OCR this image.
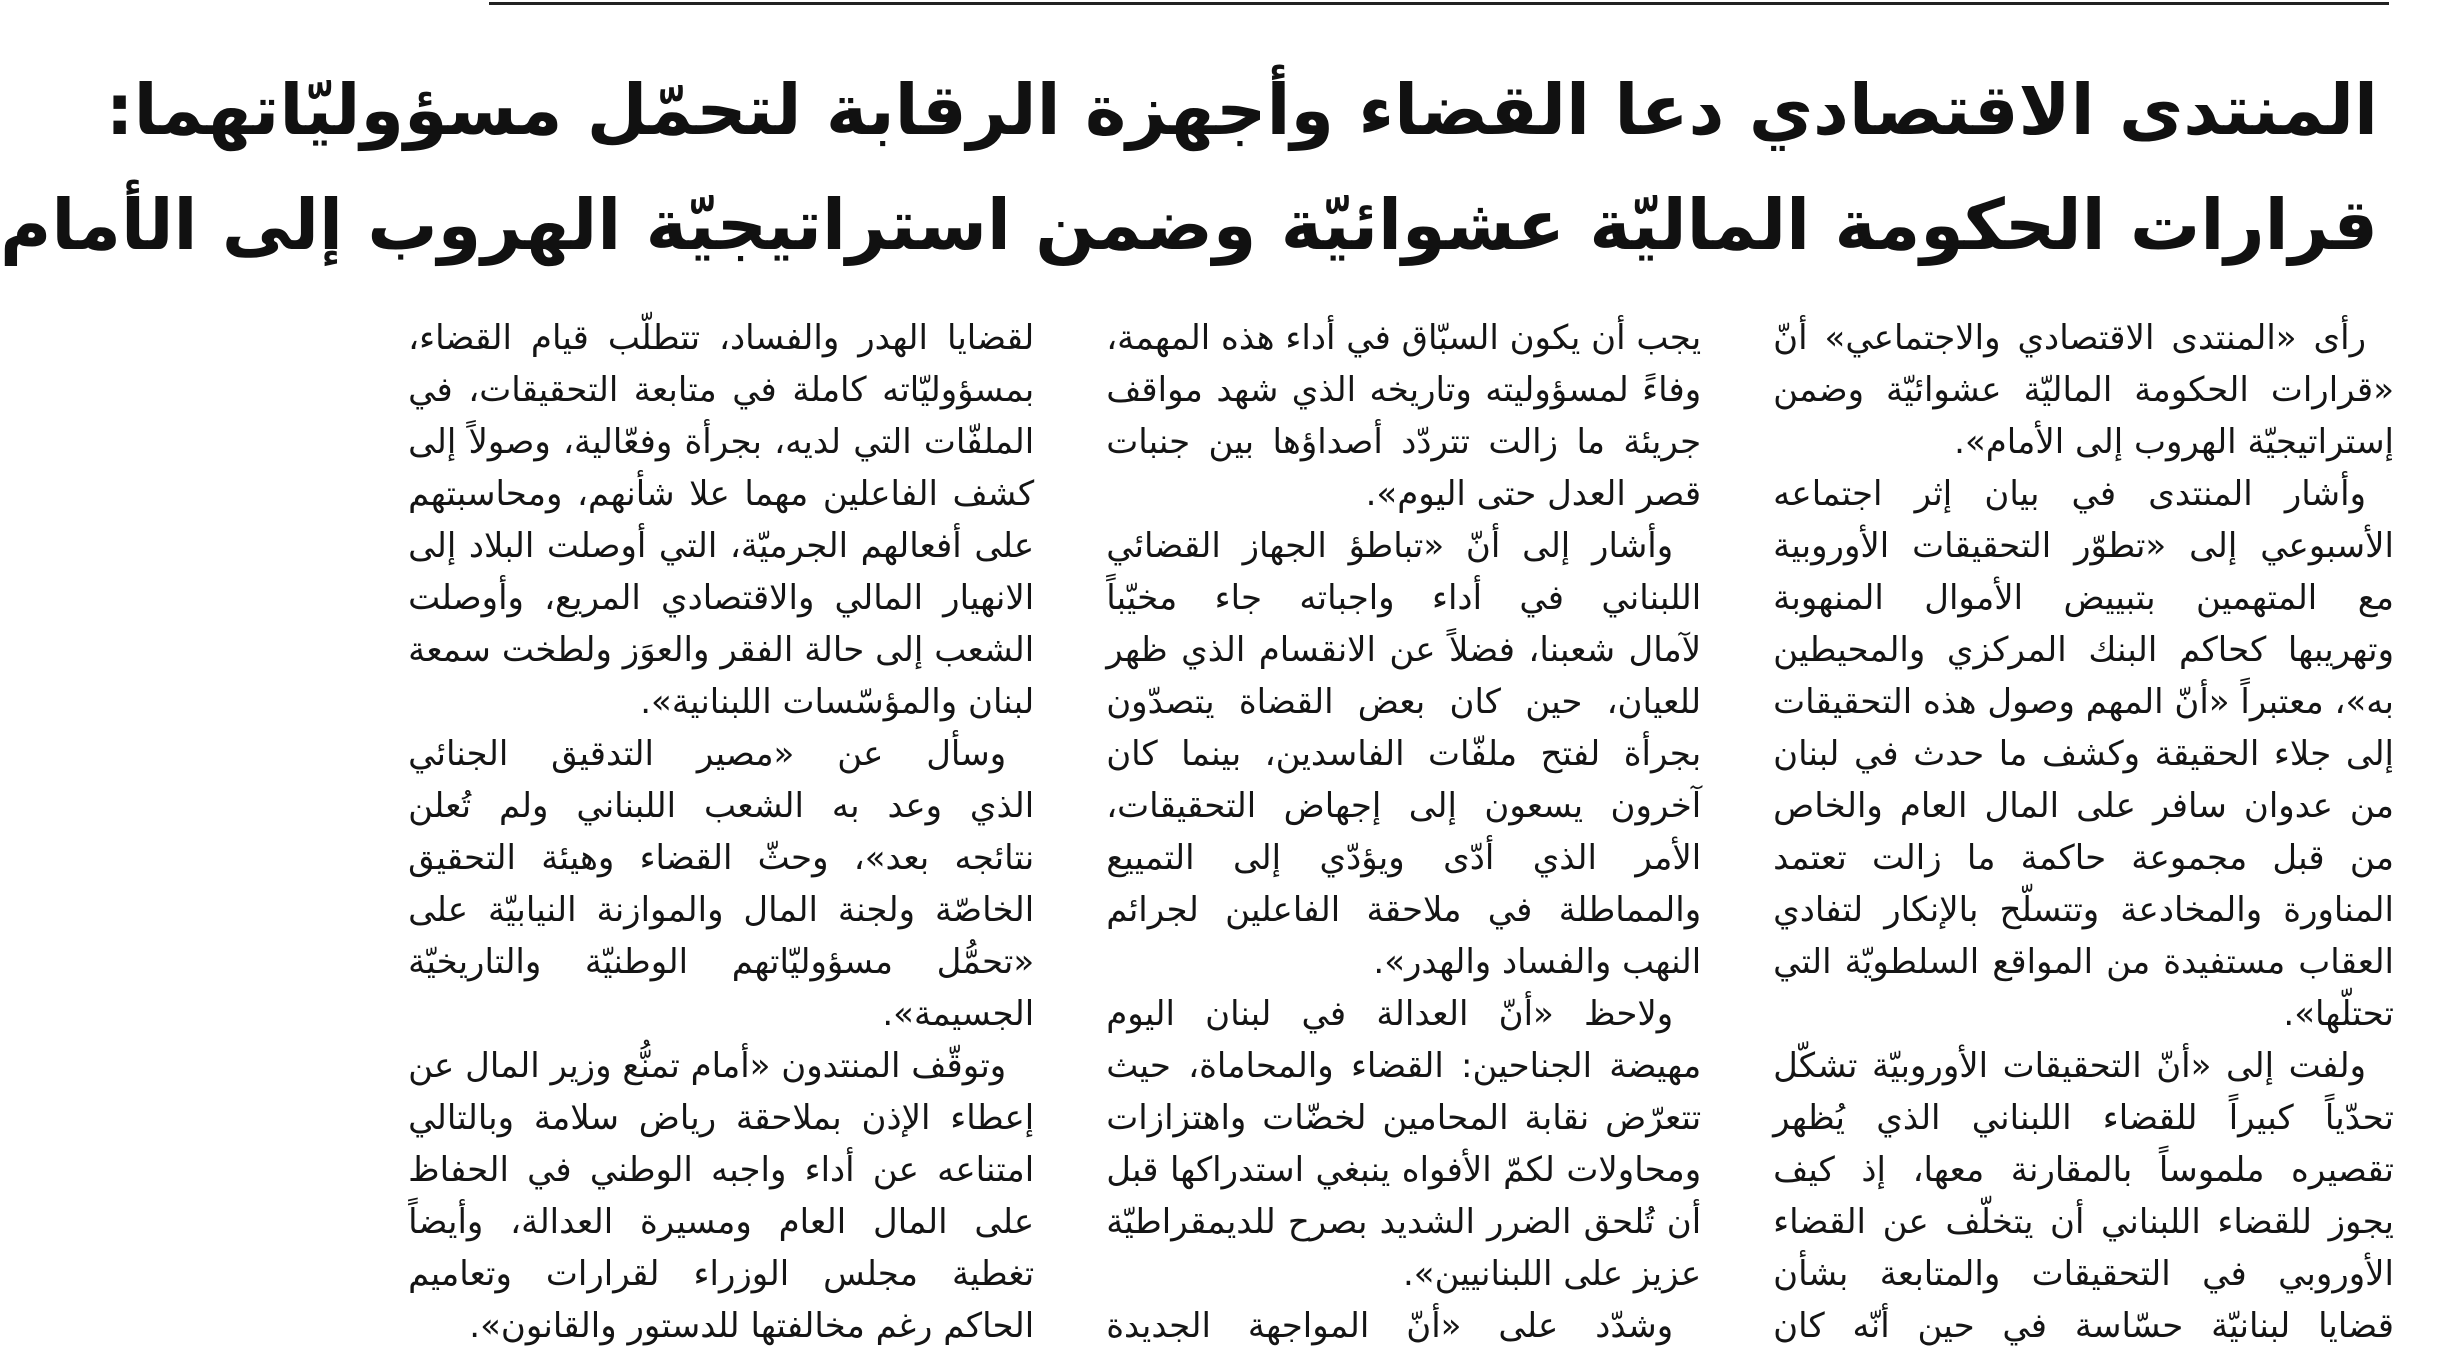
المنتدى الاقتصادي دعا القضاء وأجهزة الرقابة لتحمّل مسؤوليّاتهما:
قرارات الحكومة الماليّة عشوائيّة وضمن استراتيجيّة الهروب إلى الأمام
رأى «المنتدى الاقتصادي والاجتماعي» أنّ
«قرارات الحكومة الماليّة عشوائيّة وضمن
إستراتيجيّة الهروب إلى الأمام».
وأشار المنتدى في بيان إثر اجتماعه
الأسبوعي إلى «تطوّر التحقيقات الأوروبية
مع المتهمين بتبييض الأموال المنهوبة
وتهريبها كحاكم البنك المركزي والمحيطين
به»، معتبراً «أنّ المهم وصول هذه التحقيقات
إلى جلاء الحقيقة وكشف ما حدث في لبنان
من عدوان سافر على المال العام والخاص
من قبل مجموعة حاكمة ما زالت تعتمد
المناورة والمخادعة وتتسلّح بالإنكار لتفادي
العقاب مستفيدة من المواقع السلطويّة التي
تحتلّها».
ولفت إلى «أنّ التحقيقات الأوروبيّة تشكّل
تحدّياً كبيراً للقضاء اللبناني الذي يُظهر
تقصيره ملموساً بالمقارنة معها، إذ كيف
يجوز للقضاء اللبناني أن يتخلّف عن القضاء
الأوروبي في التحقيقات والمتابعة بشأن
قضايا لبنانيّة حسّاسة في حين أنّه كان
يجب أن يكون السبّاق في أداء هذه المهمة،
وفاءً لمسؤوليته وتاريخه الذي شهد مواقف
جريئة ما زالت تتردّد أصداؤها بين جنبات
قصر العدل حتى اليوم».
وأشار إلى أنّ «تباطؤ الجهاز القضائي
اللبناني في أداء واجباته جاء مخيّباً
لآمال شعبنا، فضلاً عن الانقسام الذي ظهر
للعيان، حين كان بعض القضاة يتصدّون
بجرأة لفتح ملفّات الفاسدين، بينما كان
آخرون يسعون إلى إجهاض التحقيقات،
الأمر الذي أدّى ويؤدّي إلى التمييع
والمماطلة في ملاحقة الفاعلين لجرائم
النهب والفساد والهدر».
ولاحظ «أنّ العدالة في لبنان اليوم
مهيضة الجناحين: القضاء والمحاماة، حيث
تتعرّض نقابة المحامين لخضّات واهتزازات
ومحاولات لكمّ الأفواه ينبغي استدراكها قبل
أن تُلحق الضرر الشديد بصرح للديمقراطيّة
عزيز على اللبنانيين».
وشدّد على «أنّ المواجهة الجديدة
لقضايا الهدر والفساد، تتطلّب قيام القضاء،
بمسؤوليّاته كاملة في متابعة التحقيقات، في
الملفّات التي لديه، بجرأة وفعّالية، وصولاً إلى
كشف الفاعلين مهما علا شأنهم، ومحاسبتهم
على أفعالهم الجرميّة، التي أوصلت البلاد إلى
الانهيار المالي والاقتصادي المريع، وأوصلت
الشعب إلى حالة الفقر والعوَز ولطخت سمعة
لبنان والمؤسّسات اللبنانية».
وسأل عن «مصير التدقيق الجنائي
الذي وعد به الشعب اللبناني ولم تُعلن
نتائجه بعد»، وحثّ القضاء وهيئة التحقيق
الخاصّة ولجنة المال والموازنة النيابيّة على
«تحمُّل مسؤوليّاتهم الوطنيّة والتاريخيّة
الجسيمة».
وتوقّف المنتدون «أمام تمنُّع وزير المال عن
إعطاء الإذن بملاحقة رياض سلامة وبالتالي
امتناعه عن أداء واجبه الوطني في الحفاظ
على المال العام ومسيرة العدالة، وأيضاً
تغطية مجلس الوزراء لقرارات وتعاميم
الحاكم رغم مخالفتها للدستور والقانون».
